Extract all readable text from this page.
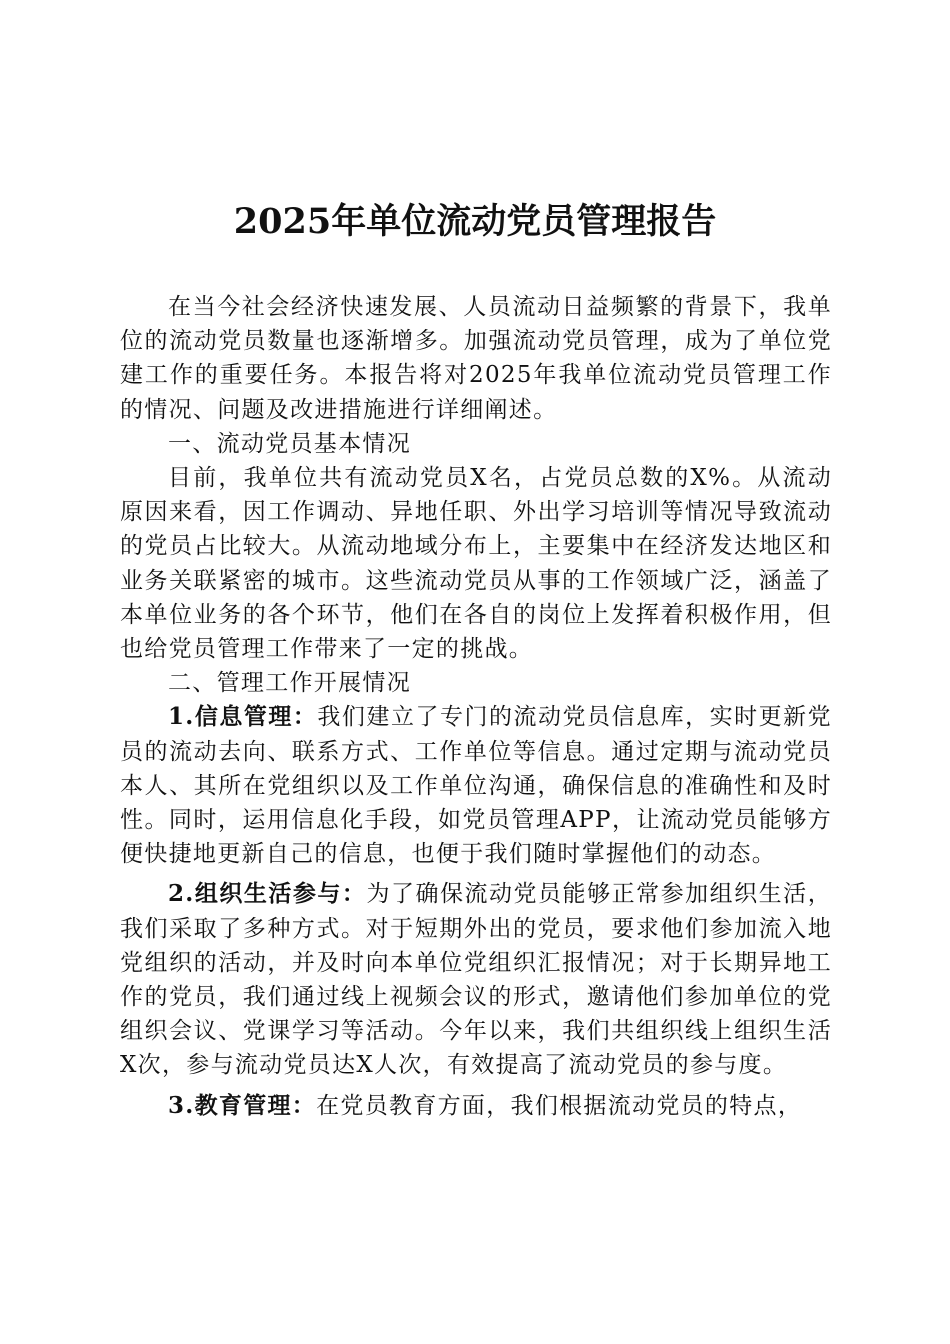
2025年单位流动党员管理报告

在当今社会经济快速发展、人员流动日益频繁的背景下，我单位的流动党员数量也逐渐增多。加强流动党员管理，成为了单位党建工作的重要任务。本报告将对2025年我单位流动党员管理工作的情况、问题及改进措施进行详细阐述。

一、流动党员基本情况

目前，我单位共有流动党员X名，占党员总数的X%。从流动原因来看，因工作调动、异地任职、外出学习培训等情况导致流动的党员占比较大。从流动地域分布上，主要集中在经济发达地区和业务关联紧密的城市。这些流动党员从事的工作领域广泛，涵盖了本单位业务的各个环节，他们在各自的岗位上发挥着积极作用，但也给党员管理工作带来了一定的挑战。

二、管理工作开展情况

1.信息管理：我们建立了专门的流动党员信息库，实时更新党员的流动去向、联系方式、工作单位等信息。通过定期与流动党员本人、其所在党组织以及工作单位沟通，确保信息的准确性和及时性。同时，运用信息化手段，如党员管理APP，让流动党员能够方便快捷地更新自己的信息，也便于我们随时掌握他们的动态。

2.组织生活参与：为了确保流动党员能够正常参加组织生活，我们采取了多种方式。对于短期外出的党员，要求他们参加流入地党组织的活动，并及时向本单位党组织汇报情况；对于长期异地工作的党员，我们通过线上视频会议的形式，邀请他们参加单位的党组织会议、党课学习等活动。今年以来，我们共组织线上组织生活X次，参与流动党员达X人次，有效提高了流动党员的参与度。

3.教育管理：在党员教育方面，我们根据流动党员的特点，
